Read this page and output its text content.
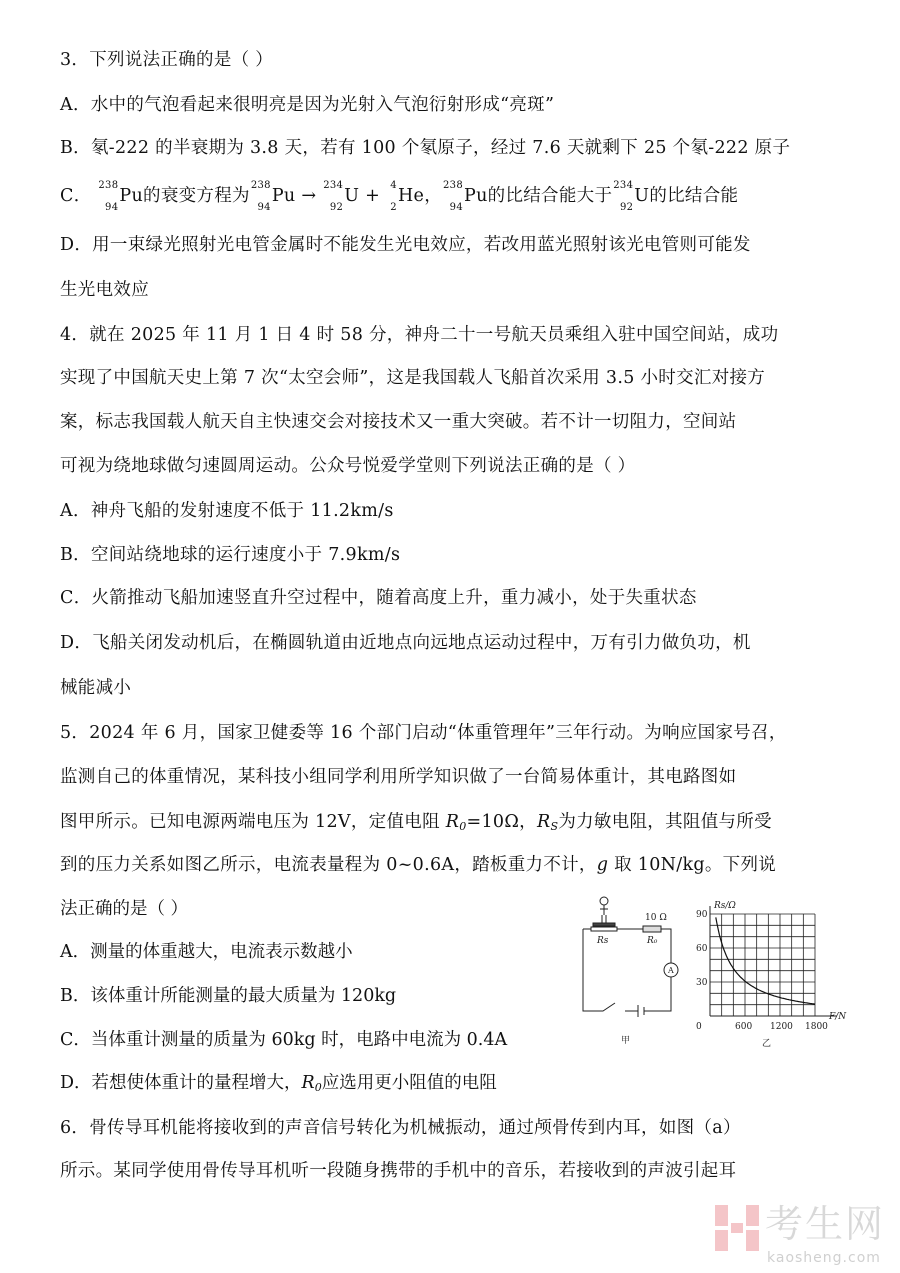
3．下列说法正确的是（ ）
A．水中的气泡看起来很明亮是因为光射入气泡衍射形成“亮斑”
B．氡-222 的半衰期为 3.8 天，若有 100 个氡原子，经过 7.6 天就剩下 25 个氡-222 原子
C．
238
94
Pu的衰变方程为
238
94
Pu →
234
92
U +
4
2
He，
238
94
Pu的比结合能大于
234
92
U的比结合能
D．用一束绿光照射光电管金属时不能发生光电效应，若改用蓝光照射该光电管则可能发
生光电效应
4．就在 2025 年 11 月 1 日 4 时 58 分，神舟二十一号航天员乘组入驻中国空间站，成功
实现了中国航天史上第 7 次“太空会师”，这是我国载人飞船首次采用 3.5 小时交汇对接方
案，标志我国载人航天自主快速交会对接技术又一重大突破。若不计一切阻力，空间站
可视为绕地球做匀速圆周运动。公众号悦爱学堂则下列说法正确的是（ ）
A．神舟飞船的发射速度不低于 11.2km/s
B．空间站绕地球的运行速度小于 7.9km/s
C．火箭推动飞船加速竖直升空过程中，随着高度上升，重力减小，处于失重状态
D．飞船关闭发动机后，在椭圆轨道由近地点向远地点运动过程中，万有引力做负功，机
械能减小
5．2024 年 6 月，国家卫健委等 16 个部门启动“体重管理年”三年行动。为响应国家号召，
监测自己的体重情况，某科技小组同学利用所学知识做了一台简易体重计，其电路图如
图甲所示。已知电源两端电压为 12V，定值电阻 $R_0=10\Omega$，$R_S$为力敏电阻，其阻值与所受
到的压力关系如图乙所示，电流表量程为 0~0.6A，踏板重力不计，g 取 10N/kg。下列说
法正确的是（ ）
A．测量的体重越大，电流表示数越小
B．该体重计所能测量的最大质量为 120kg
C．当体重计测量的质量为 60kg 时，电路中电流为 0.4A
D．若想使体重计的量程增大，$R_0$应选用更小阻值的电阻
10 Ω
Rs	R₀
A
甲
Rs/Ω
F/N
90
60
30
0	600 1200 1800
乙
6．骨传导耳机能将接收到的声音信号转化为机械振动，通过颅骨传到内耳，如图（a）
所示。某同学使用骨传导耳机听一段随身携带的手机中的音乐，若接收到的声波引起耳
考生网
kaosheng.com
